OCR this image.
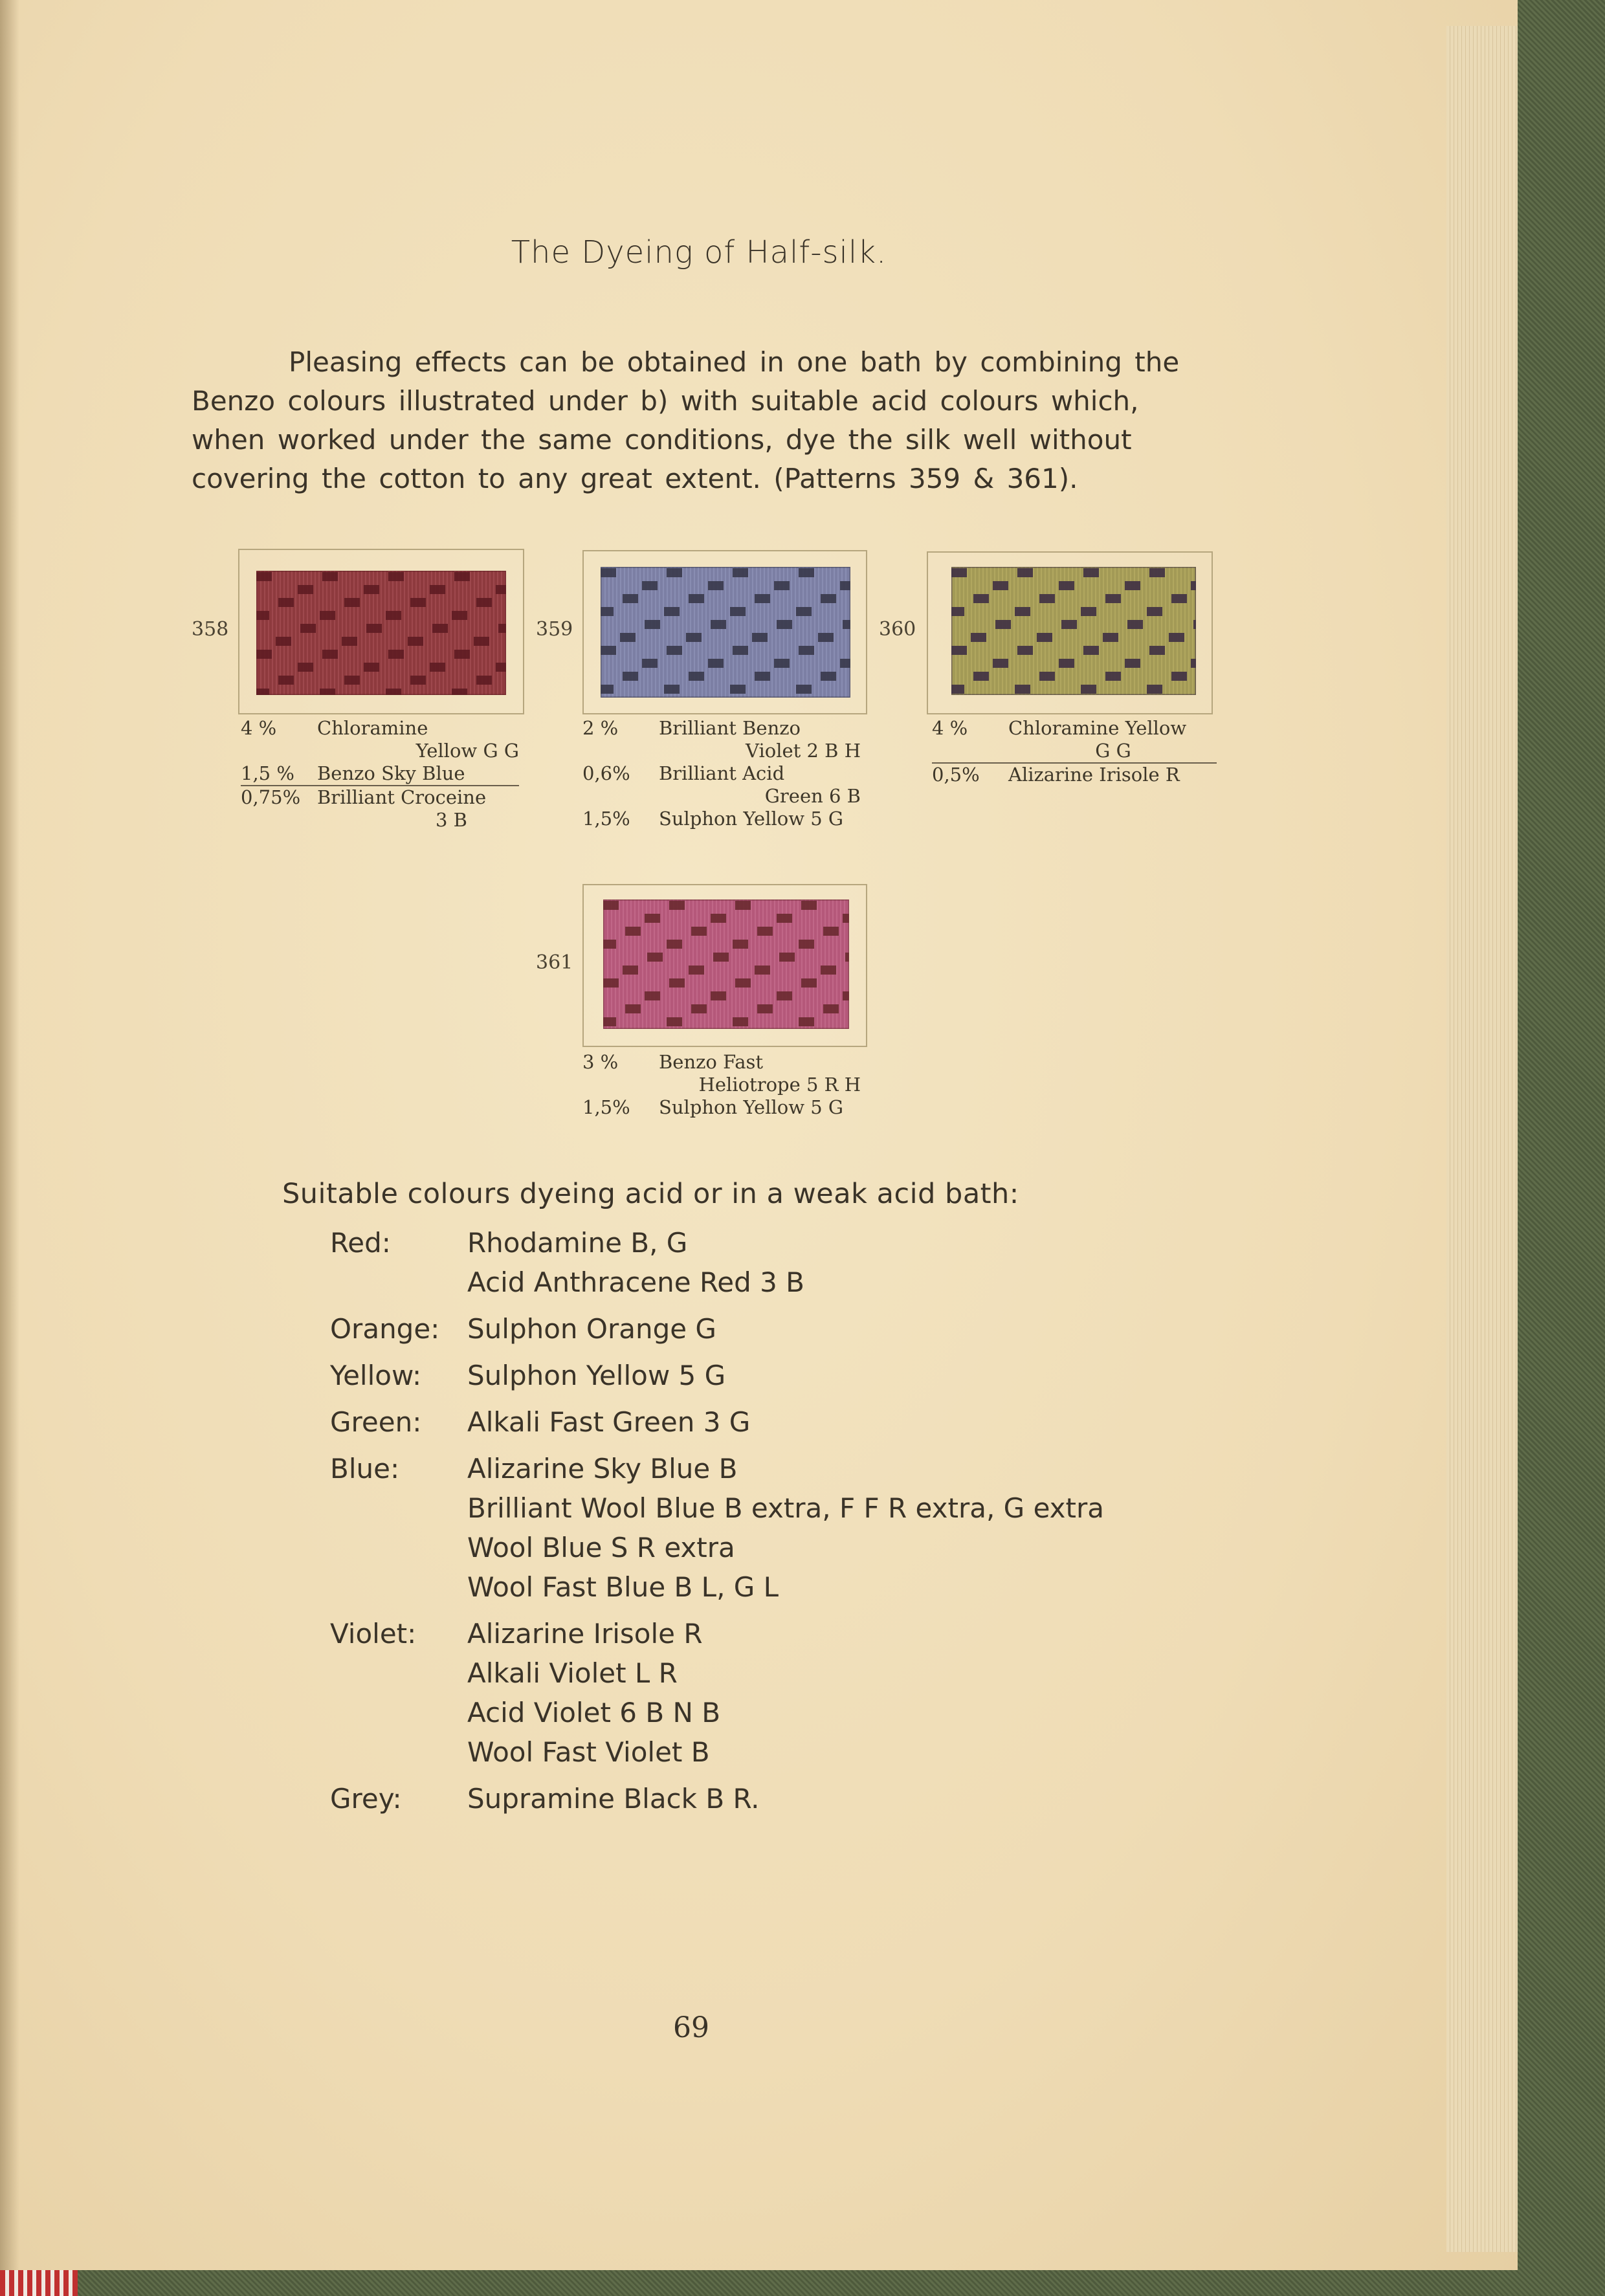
The Dyeing of Half-silk.

Pleasing effects can be obtained in one bath by combining the
Benzo colours illustrated under b) with suitable acid colours which,
when worked under the same conditions, dye the silk well without
covering the cotton to any great extent. (Patterns 359 & 361).

358
4 %	Chloramine
Yellow G G
1,5 %	Benzo Sky Blue
0,75% Brilliant Croceine
3 B
359
2 %	Brilliant Benzo
Violet 2 B H
0,6%	Brilliant Acid
Green 6 B
1,5%	Sulphon Yellow 5 G
360
4 %	Chloramine Yellow
G G
0,5%	Alizarine Irisole R
361
3 %	Benzo Fast
Heliotrope 5 R H
1,5%	Sulphon Yellow 5 G
Suitable colours dyeing acid or in a weak acid bath:
Red:	Rhodamine B, G
Acid Anthracene Red 3 B
Orange:	Sulphon Orange G
Yellow:	Sulphon Yellow 5 G
Green:	Alkali Fast Green 3 G
Blue:	Alizarine Sky Blue B
Brilliant Wool Blue B extra, F F R extra, G extra
Wool Blue S R extra
Wool Fast Blue B L, G L
Violet:	Alizarine Irisole R
Alkali Violet L R
Acid Violet 6 B N B
Wool Fast Violet B
Grey:	Supramine Black B R.
69
